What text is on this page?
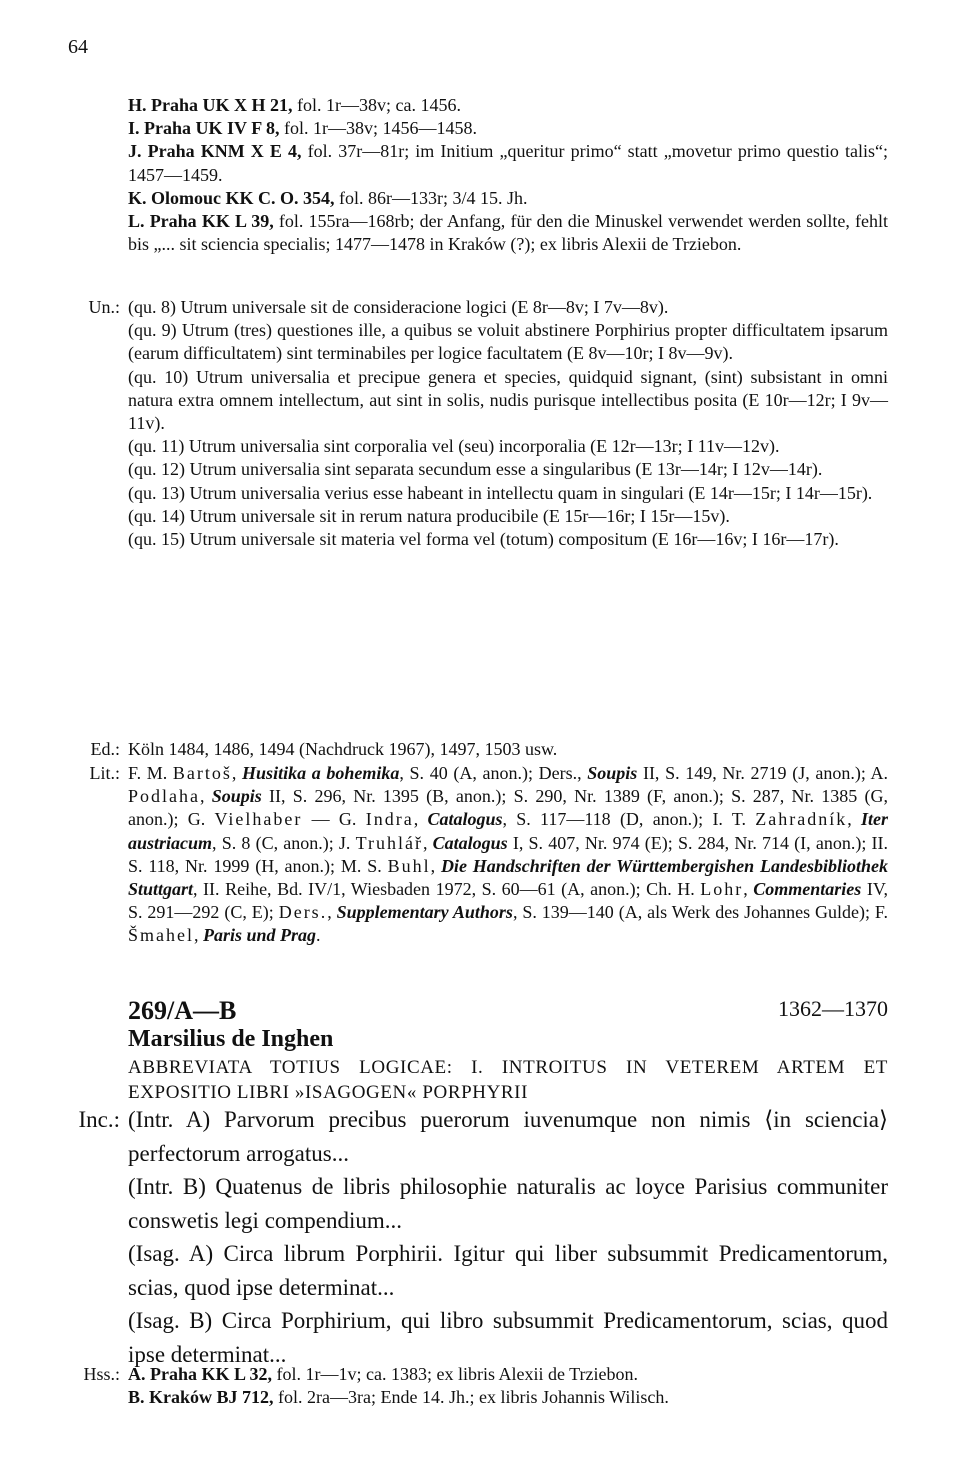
64

H. Praha UK X H 21, fol. 1r—38v; ca. 1456.

I. Praha UK IV F 8, fol. 1r—38v; 1456—1458.

J. Praha KNM X E 4, fol. 37r—81r; im Initium „queritur primo“ statt „movetur primo questio talis“; 1457—1459.

K. Olomouc KK C. O. 354, fol. 86r—133r; 3/4 15. Jh.

L. Praha KK L 39, fol. 155ra—168rb; der Anfang, für den die Minuskel verwendet werden sollte, fehlt bis „... sit sciencia specialis; 1477—1478 in Kraków (?); ex libris Alexii de Trziebon.

Un.: (qu. 8) Utrum universale sit de consideracione logici (E 8r—8v; I 7v—8v).

(qu. 9) Utrum (tres) questiones ille, a quibus se voluit abstinere Porphirius propter difficultatem ipsarum (earum difficultatem) sint terminabiles per logice facultatem (E 8v—10r; I 8v—9v).

(qu. 10) Utrum universalia et precipue genera et species, quidquid signant, (sint) subsistant in omni natura extra omnem intellectum, aut sint in solis, nudis purisque intellectibus posita (E 10r—12r; I 9v—11v).

(qu. 11) Utrum universalia sint corporalia vel (seu) incorporalia (E 12r—13r; I 11v—12v).

(qu. 12) Utrum universalia sint separata secundum esse a singularibus (E 13r—14r; I 12v—14r).

(qu. 13) Utrum universalia verius esse habeant in intellectu quam in singulari (E 14r—15r; I 14r—15r).

(qu. 14) Utrum universale sit in rerum natura producibile (E 15r—16r; I 15r—15v).

(qu. 15) Utrum universale sit materia vel forma vel (totum) compositum (E 16r—16v; I 16r—17r).

Ed.: Köln 1484, 1486, 1494 (Nachdruck 1967), 1497, 1503 usw.
Lit.: F. M. Bartoš, Husitika a bohemika, S. 40 (A, anon.); Ders., Soupis II, S. 149, Nr. 2719 (J, anon.); A. Podlaha, Soupis II, S. 296, Nr. 1395 (B, anon.); S. 290, Nr. 1389 (F, anon.); S. 287, Nr. 1385 (G, anon.); G. Vielhaber — G. Indra, Catalogus, S. 117—118 (D, anon.); I. T. Zahradník, Iter austriacum, S. 8 (C, anon.); J. Truhlář, Catalogus I, S. 407, Nr. 974 (E); S. 284, Nr. 714 (I, anon.); II. S. 118, Nr. 1999 (H, anon.); M. S. Buhl, Die Handschriften der Württembergishen Landesbibliothek Stuttgart, II. Reihe, Bd. IV/1, Wiesbaden 1972, S. 60—61 (A, anon.); Ch. H. Lohr, Commentaries IV, S. 291—292 (C, E); Ders., Supplementary Authors, S. 139—140 (A, als Werk des Johannes Gulde); F. Šmahel, Paris und Prag.
269/A—B	1362—1370
Marsilius de Inghen
ABBREVIATA TOTIUS LOGICAE: I. INTROITUS IN VETEREM ARTEM ET EXPOSITIO LIBRI »ISAGOGEN« PORPHYRII
Inc.: (Intr. A) Parvorum precibus puerorum iuvenumque non nimis ⟨in sciencia⟩ perfectorum arrogatus...

(Intr. B) Quatenus de libris philosophie naturalis ac loyce Parisius communiter conswetis legi compendium...

(Isag. A) Circa librum Porphirii. Igitur qui liber subsummit Predicamentorum, scias, quod ipse determinat...

(Isag. B) Circa Porphirium, qui libro subsummit Predicamentorum, scias, quod ipse determinat...

Hss.: A. Praha KK L 32, fol. 1r—1v; ca. 1383; ex libris Alexii de Trziebon.

B. Kraków BJ 712, fol. 2ra—3ra; Ende 14. Jh.; ex libris Johannis Wilisch.
